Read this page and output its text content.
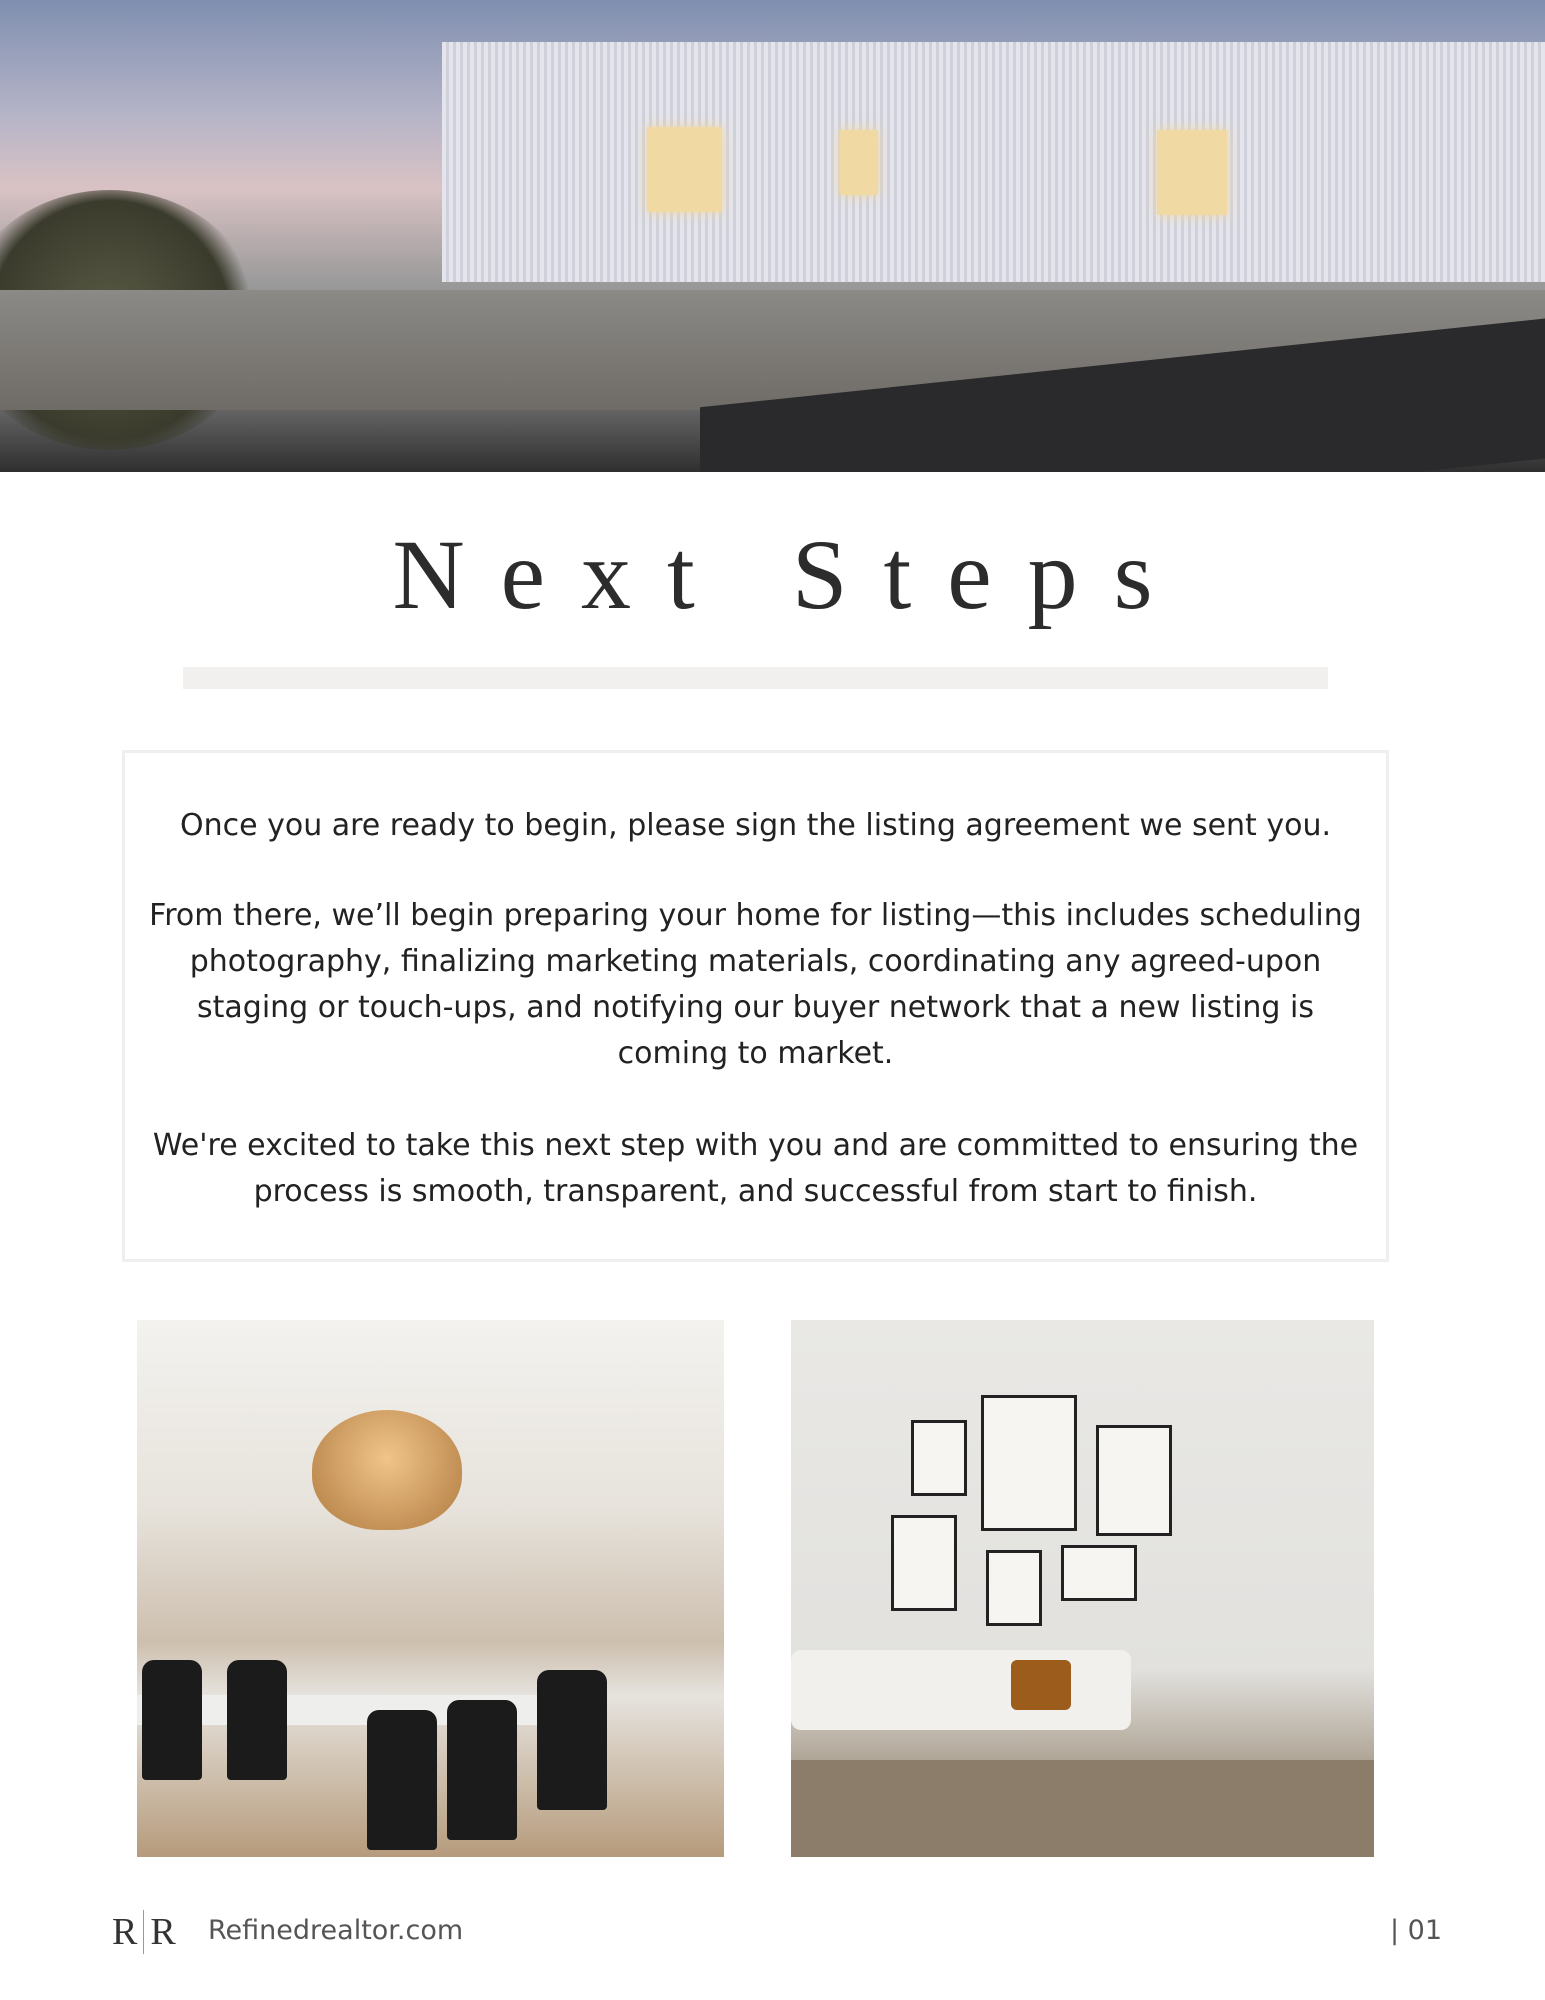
Next Steps

Once you are ready to begin, please sign the listing agreement we sent you.

From there, we’ll begin preparing your home for listing—this includes scheduling photography, finalizing marketing materials, coordinating any agreed-upon staging or touch-ups, and notifying our buyer network that a new listing is coming to market.

We're excited to take this next step with you and are committed to ensuring the process is smooth, transparent, and successful from start to finish.

R R Refinedrealtor.com	| 01
